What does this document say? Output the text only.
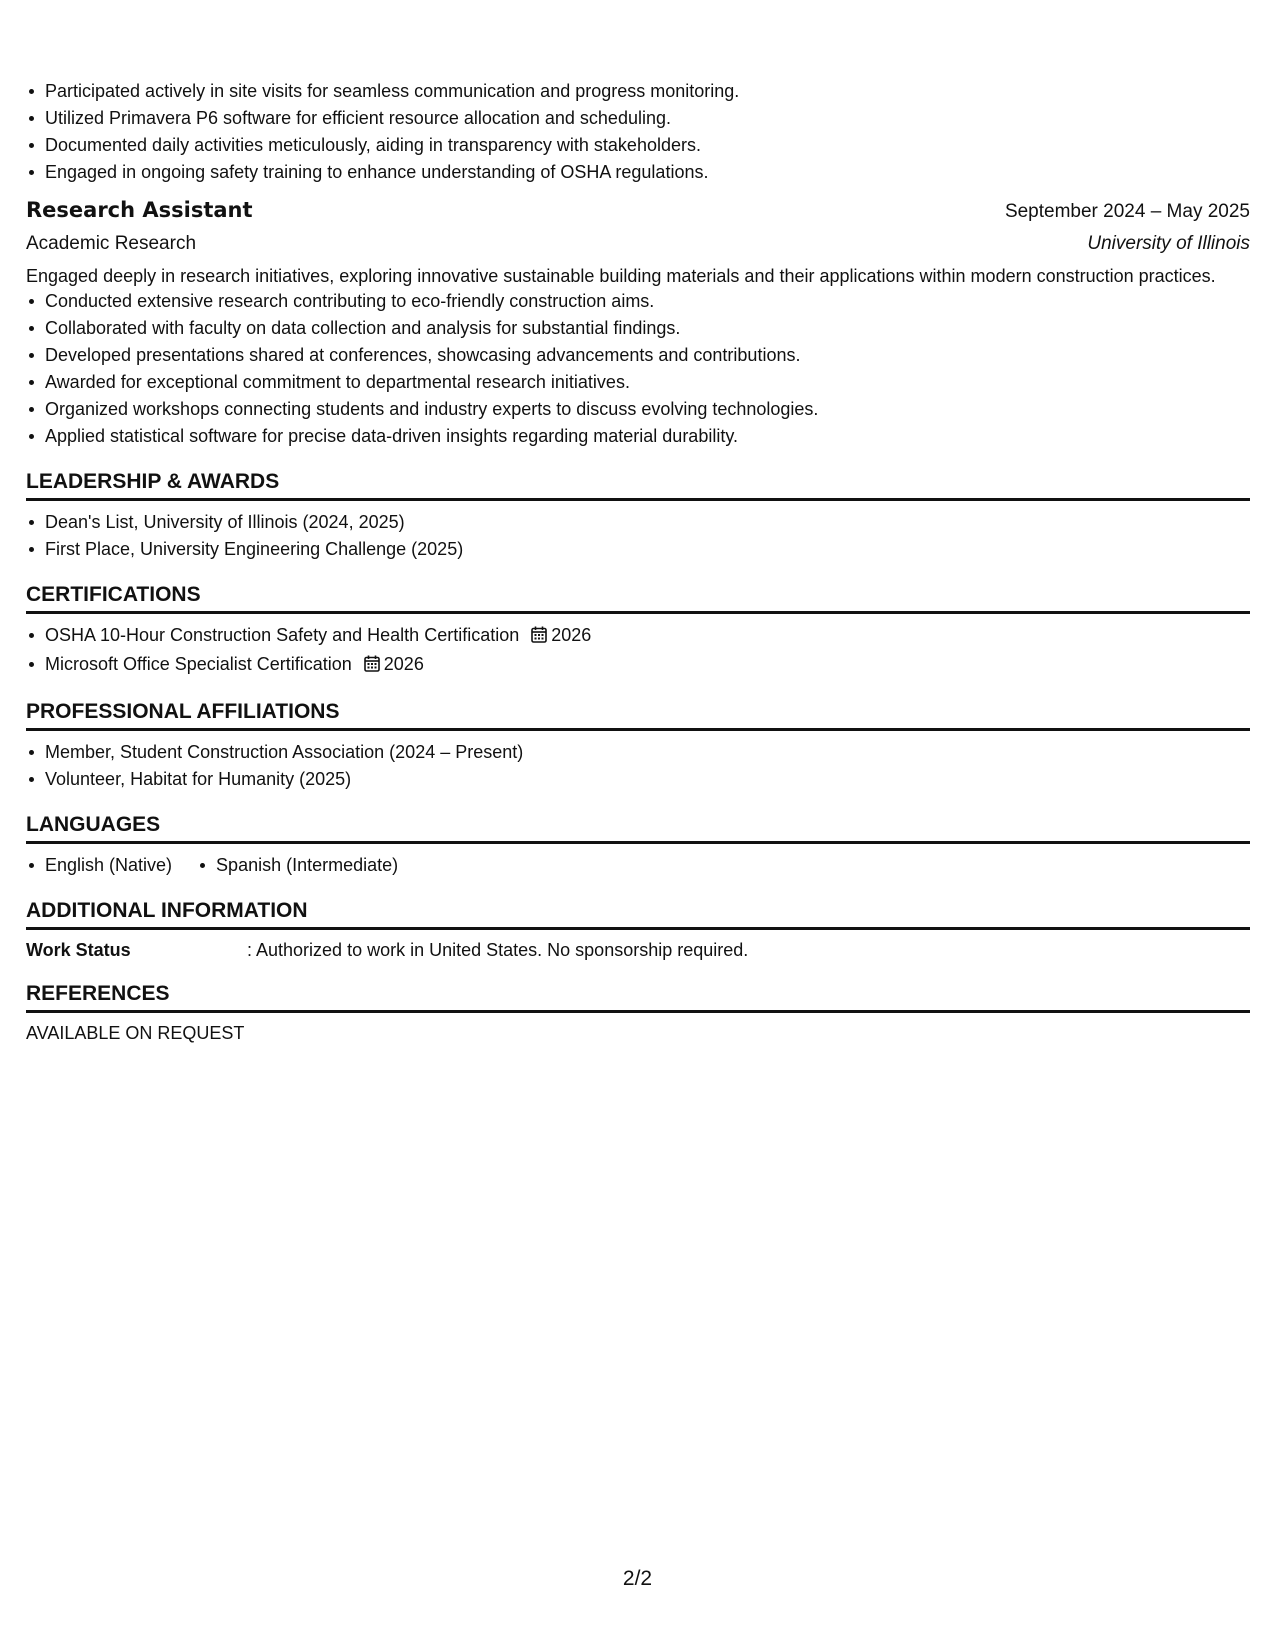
Participated actively in site visits for seamless communication and progress monitoring.
Utilized Primavera P6 software for efficient resource allocation and scheduling.
Documented daily activities meticulously, aiding in transparency with stakeholders.
Engaged in ongoing safety training to enhance understanding of OSHA regulations.
Research Assistant	September 2024 – May 2025
Academic Research	University of Illinois
Engaged deeply in research initiatives, exploring innovative sustainable building materials and their applications within modern construction practices.
Conducted extensive research contributing to eco-friendly construction aims.
Collaborated with faculty on data collection and analysis for substantial findings.
Developed presentations shared at conferences, showcasing advancements and contributions.
Awarded for exceptional commitment to departmental research initiatives.
Organized workshops connecting students and industry experts to discuss evolving technologies.
Applied statistical software for precise data-driven insights regarding material durability.
LEADERSHIP & AWARDS
Dean's List, University of Illinois (2024, 2025)
First Place, University Engineering Challenge (2025)
CERTIFICATIONS
OSHA 10-Hour Construction Safety and Health Certification 2026
Microsoft Office Specialist Certification 2026
PROFESSIONAL AFFILIATIONS
Member, Student Construction Association (2024 – Present)
Volunteer, Habitat for Humanity (2025)
LANGUAGES
English (Native) Spanish (Intermediate)
ADDITIONAL INFORMATION
Work Status	: Authorized to work in United States. No sponsorship required.
REFERENCES
AVAILABLE ON REQUEST
2/2
